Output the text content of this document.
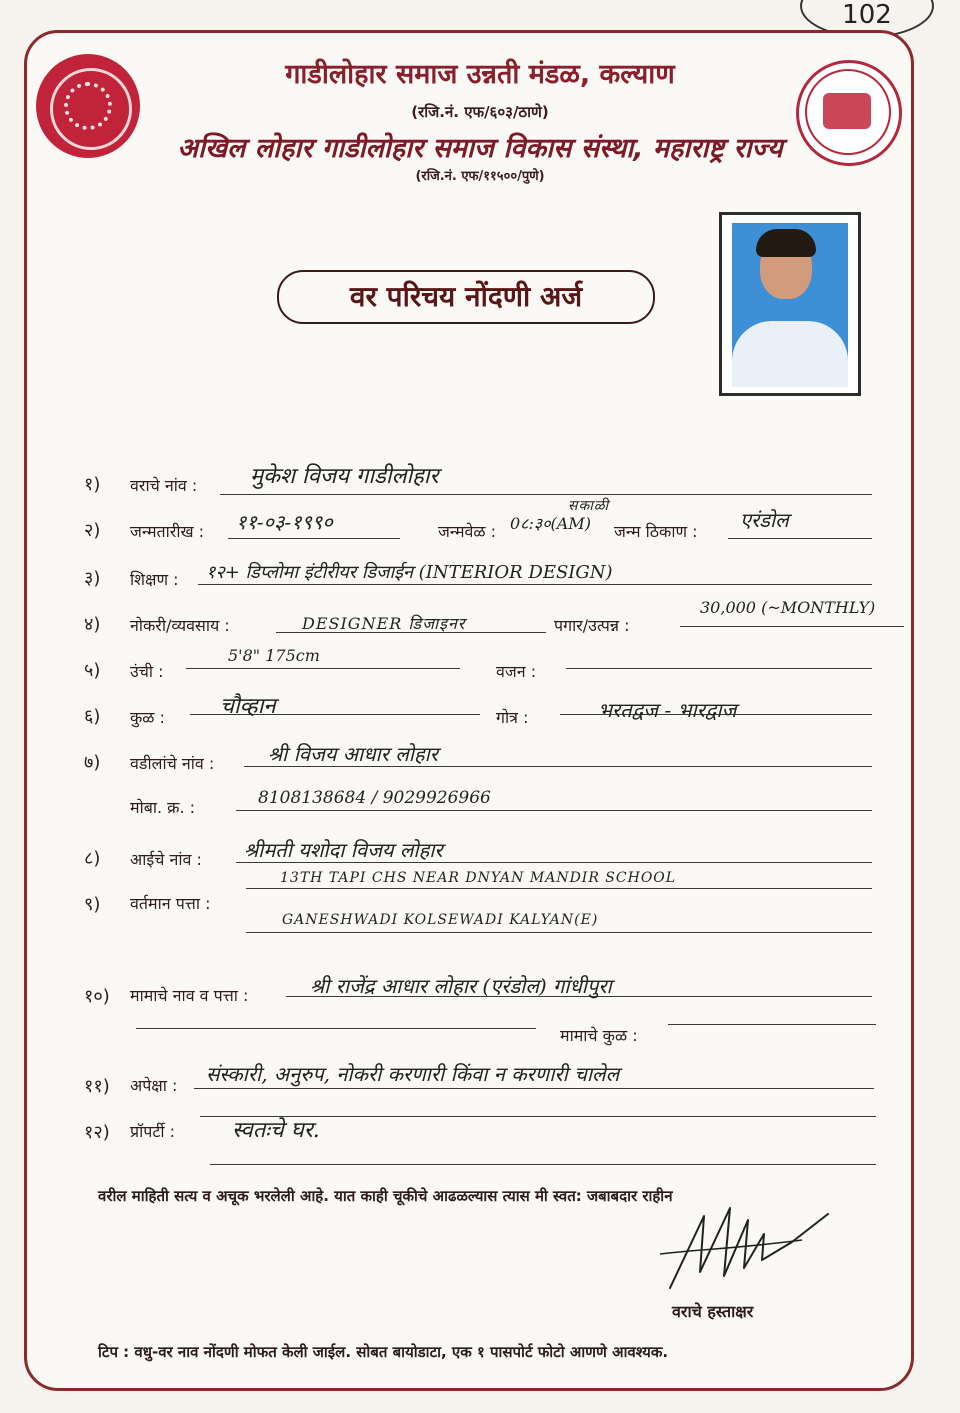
102
गाडीलोहार समाज उन्नती मंडळ, कल्याण
(रजि.नं. एफ/६०३/ठाणे)
अखिल लोहार गाडीलोहार समाज विकास संस्था, महाराष्ट्र राज्य
(रजि.नं. एफ/११५००/पुणे)
वर परिचय नोंदणी अर्ज
१) वराचे नांव : मुकेश विजय गाडीलोहार
२) जन्मतारीख : ११-०३-१९९०	जन्मवेळ :
सकाळी
0८:३०(AM) जन्म ठिकाण : एरंडोल
३) शिक्षण : १२+ डिप्लोमा इंटीरीयर डिजाईन (INTERIOR DESIGN)
४) नोकरी/व्यवसाय :	DESIGNER डिजाइनर	पगार/उत्पन्न :
30,000 (~MONTHLY)
५) उंची :
5'8" 175cm
वजन :
६) कुळ :	चौव्हान	गोत्र :	भरतद्वज - भारद्वाज
७) वडीलांचे नांव :	श्री विजय आधार लोहार
मोबा. क्र. :	8108138684 / 9029926966
८) आईचे नांव : श्रीमती यशोदा विजय लोहार
९) वर्तमान पत्ता :
13TH TAPI CHS NEAR DNYAN MANDIR SCHOOL
GANESHWADI KOLSEWADI KALYAN(E)
१०) मामाचे नाव व पत्ता :	श्री राजेंद्र आधार लोहार (एरंडोल) गांधीपुरा
मामाचे कुळ :
११) अपेक्षा : संस्कारी, अनुरुप, नोकरी करणारी किंवा न करणारी चालेल
१२) प्रॉपर्टी :	स्वतःचे घर.
वरील माहिती सत्य व अचूक भरलेली आहे. यात काही चूकीचे आढळल्यास त्यास मी स्वत: जबाबदार राहीन
वराचे हस्ताक्षर
टिप : वधु-वर नाव नोंदणी मोफत केली जाईल. सोबत बायोडाटा, एक १ पासपोर्ट फोटो आणणे आवश्यक.
